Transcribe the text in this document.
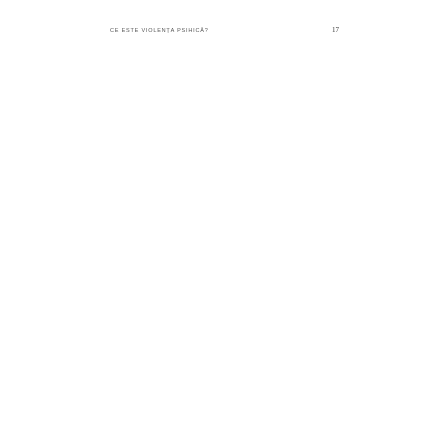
CE ESTE VIOLENȚA PSIHICĂ?	17
